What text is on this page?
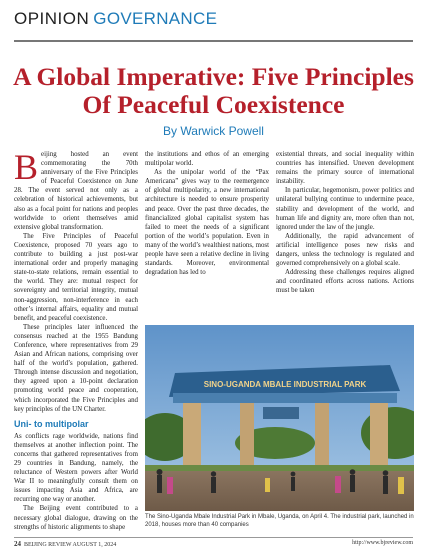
OPINION GOVERNANCE
A Global Imperative: Five Principles Of Peaceful Coexistence
By Warwick Powell

Beijing hosted an event commemorating the 70th anniversary of the Five Principles of Peaceful Coexistence on June 28. The event served not only as a celebration of historical achievements, but also as a focal point for nations and peoples worldwide to orient themselves amid extensive global transformation.

The Five Principles of Peaceful Coexistence, proposed 70 years ago to contribute to building a just post-war international order and properly managing state-to-state relations, remain essential to the world. They are: mutual respect for sovereignty and territorial integrity, mutual non-aggression, non-interference in each other’s internal affairs, equality and mutual benefit, and peaceful coexistence.

These principles later influenced the consensus reached at the 1955 Bandung Conference, where representatives from 29 Asian and African nations, comprising over half of the world’s population, gathered. Through intense discussion and negotiation, they agreed upon a 10-point declaration promoting world peace and cooperation, which incorporated the Five Principles and key principles of the UN Charter.

Uni- to multipolar

As conflicts rage worldwide, nations find themselves at another inflection point. The concerns that gathered representatives from 29 countries in Bandung, namely, the reluctance of Western powers after World War II to meaningfully consult them on issues impacting Asia and Africa, are recurring one way or another.

The Beijing event contributed to a necessary global dialogue, drawing on the strengths of historic alignments to shape

the institutions and ethos of an emerging multipolar world.

As the unipolar world of the “Pax Americana” gives way to the reemergence of global multipolarity, a new international architecture is needed to ensure prosperity and peace. Over the past three decades, the financialized global capitalist system has failed to meet the needs of a significant portion of the world’s population. Even in many of the world’s wealthiest nations, most people have seen a relative decline in living standards. Moreover, environmental degradation has led to

existential threats, and social inequality within countries has intensified. Uneven development remains the primary source of international instability.

In particular, hegemonism, power politics and unilateral bullying continue to undermine peace, stability and development of the world, and human life and dignity are, more often than not, ignored under the law of the jungle.

Additionally, the rapid advancement of artificial intelligence poses new risks and dangers, unless the technology is regulated and governed comprehensively on a global scale.

Addressing these challenges requires aligned and coordinated efforts across nations. Actions must be taken

SINO-UGANDA MBALE INDUSTRIAL PARK
The Sino-Uganda Mbale Industrial Park in Mbale, Uganda, on April 4. The industrial park, launched in 2018, houses more than 40 companies
24 BEIJING REVIEW AUGUST 1, 2024	http://www.bjreview.com
